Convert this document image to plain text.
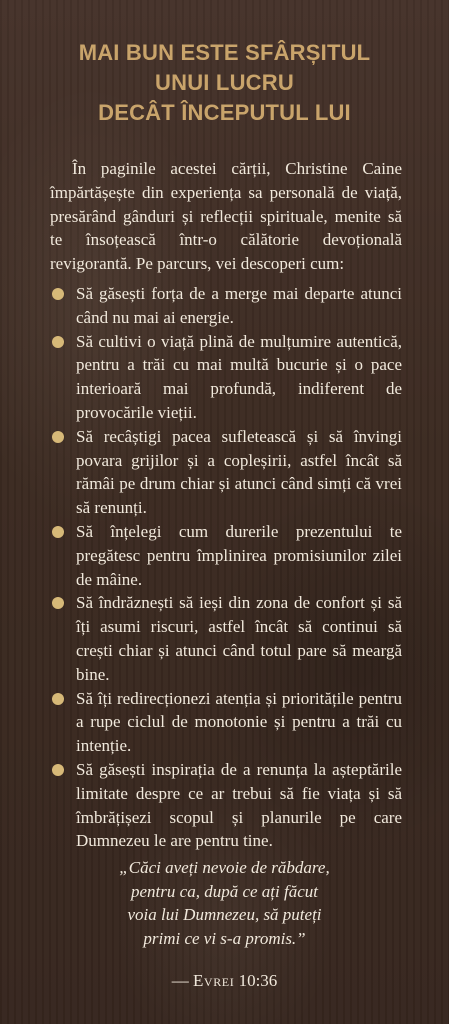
MAI BUN ESTE SFÂRȘITUL
UNUI LUCRU
DECÂT ÎNCEPUTUL LUI

În paginile acestei cărții, Christine Caine împărtășește din experiența sa personală de viață, presărând gânduri și reflecții spirituale, menite să te însoțească într-o călătorie devoțională revigorantă. Pe parcurs, vei descoperi cum:

Să găsești forța de a merge mai departe atunci când nu mai ai energie.
Să cultivi o viață plină de mulțumire autentică, pentru a trăi cu mai multă bucurie și o pace interioară mai profundă, indiferent de provocările vieții.
Să recâștigi pacea sufletească și să învingi povara grijilor și a copleșirii, astfel încât să rămâi pe drum chiar și atunci când simți că vrei să renunți.
Să înțelegi cum durerile prezentului te pregătesc pentru împlinirea promisiunilor zilei de mâine.
Să îndrăznești să ieși din zona de confort și să îți asumi riscuri, astfel încât să continui să crești chiar și atunci când totul pare să meargă bine.
Să îți redirecționezi atenția și prioritățile pentru a rupe ciclul de monotonie și pentru a trăi cu intenție.
Să găsești inspirația de a renunța la așteptările limitate despre ce ar trebui să fie viața și să îmbrățișezi scopul și planurile pe care Dumnezeu le are pentru tine.

„Căci aveți nevoie de răbdare,
pentru ca, după ce ați făcut
voia lui Dumnezeu, să puteți
primi ce vi s-a promis.”

— Evrei 10:36
